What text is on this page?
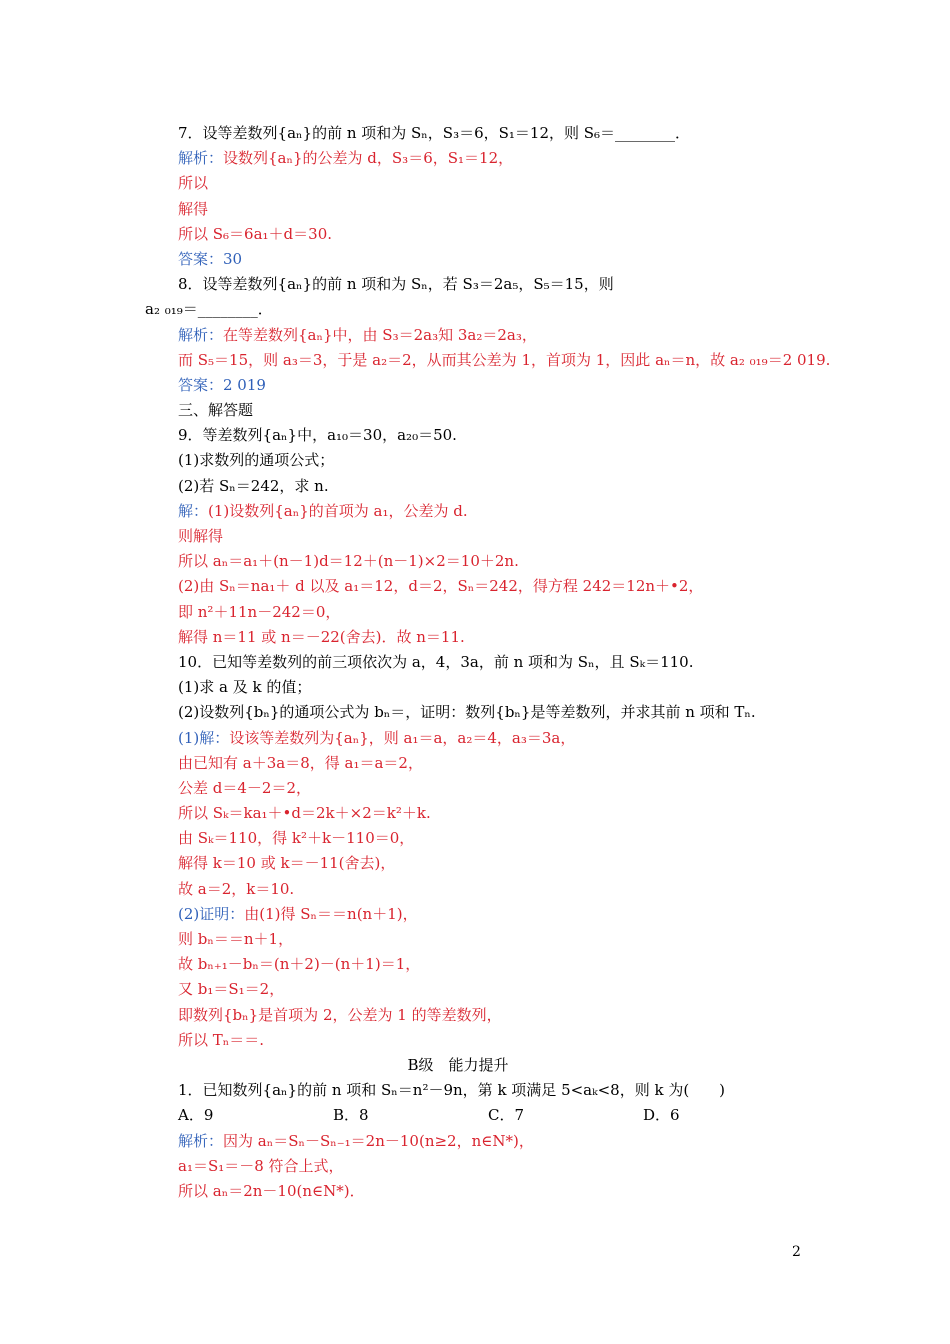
7．设等差数列{aₙ}的前 n 项和为 Sₙ，S₃＝6，S₁＝12，则 S₆＝________．
解析：设数列{aₙ}的公差为 d，S₃＝6，S₁＝12，
所以
解得
所以 S₆＝6a₁＋d＝30.
答案：30
8．设等差数列{aₙ}的前 n 项和为 Sₙ，若 S₃＝2a₅，S₅＝15，则
a₂ ₀₁₉＝________．
解析：在等差数列{aₙ}中，由 S₃＝2a₃知 3a₂＝2a₃，
而 S₅＝15，则 a₃＝3，于是 a₂＝2，从而其公差为 1，首项为 1，因此 aₙ＝n，故 a₂ ₀₁₉＝2 019.
答案：2 019
三、解答题
9．等差数列{aₙ}中，a₁₀＝30，a₂₀＝50.
(1)求数列的通项公式；
(2)若 Sₙ＝242，求 n.
解：(1)设数列{aₙ}的首项为 a₁，公差为 d.
则解得
所以 aₙ＝a₁＋(n－1)d＝12＋(n－1)×2＝10＋2n.
(2)由 Sₙ＝na₁＋ d 以及 a₁＝12，d＝2，Sₙ＝242，得方程 242＝12n＋•2，
即 n²＋11n－242＝0，
解得 n＝11 或 n＝－22(舍去)．故 n＝11.
10．已知等差数列的前三项依次为 a，4，3a，前 n 项和为 Sₙ，且 Sₖ＝110.
(1)求 a 及 k 的值；
(2)设数列{bₙ}的通项公式为 bₙ＝，证明：数列{bₙ}是等差数列，并求其前 n 项和 Tₙ.
(1)解：设该等差数列为{aₙ}，则 a₁＝a，a₂＝4，a₃＝3a，
由已知有 a＋3a＝8，得 a₁＝a＝2，
公差 d＝4－2＝2，
所以 Sₖ＝ka₁＋•d＝2k＋×2＝k²＋k.
由 Sₖ＝110，得 k²＋k－110＝0，
解得 k＝10 或 k＝－11(舍去)，
故 a＝2，k＝10.
(2)证明：由(1)得 Sₙ＝＝n(n＋1)，
则 bₙ＝＝n＋1，
故 bₙ₊₁－bₙ＝(n＋2)－(n＋1)＝1，
又 b₁＝S₁＝2，
即数列{bₙ}是首项为 2，公差为 1 的等差数列，
所以 Tₙ＝＝.
B级　能力提升
1．已知数列{aₙ}的前 n 项和 Sₙ＝n²－9n，第 k 项满足 5<aₖ<8，则 k 为(　　)
A．9	B．8	C．7	D．6
解析：因为 aₙ＝Sₙ－Sₙ₋₁＝2n－10(n≥2，n∈N*)，
a₁＝S₁＝－8 符合上式，
所以 aₙ＝2n－10(n∈N*)．
2
